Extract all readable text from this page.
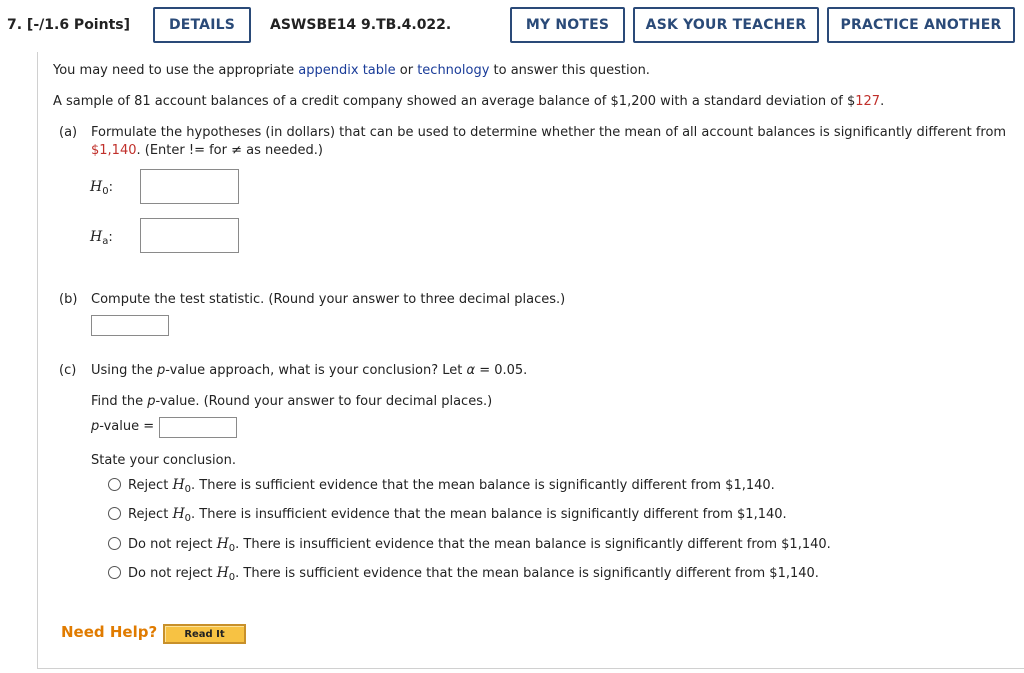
7. [-/1.6 Points]	DETAILS	ASWSBE14 9.TB.4.022.	MY NOTES	ASK YOUR TEACHER	PRACTICE ANOTHER
You may need to use the appropriate appendix table or technology to answer this question.
A sample of 81 account balances of a credit company showed an average balance of $1,200 with a standard deviation of $127.
(a) Formulate the hypotheses (in dollars) that can be used to determine whether the mean of all account balances is significantly different from
$1,140. (Enter != for ≠ as needed.)
$H_0$:
$H_a$:
(b) Compute the test statistic. (Round your answer to three decimal places.)
(c) Using the p-value approach, what is your conclusion? Let α = 0.05.
Find the p-value. (Round your answer to four decimal places.)
p-value =
State your conclusion.
Reject $H_0$. There is sufficient evidence that the mean balance is significantly different from $1,140.
Reject $H_0$. There is insufficient evidence that the mean balance is significantly different from $1,140.
Do not reject $H_0$. There is insufficient evidence that the mean balance is significantly different from $1,140.
Do not reject $H_0$. There is sufficient evidence that the mean balance is significantly different from $1,140.
Need Help?	Read It
